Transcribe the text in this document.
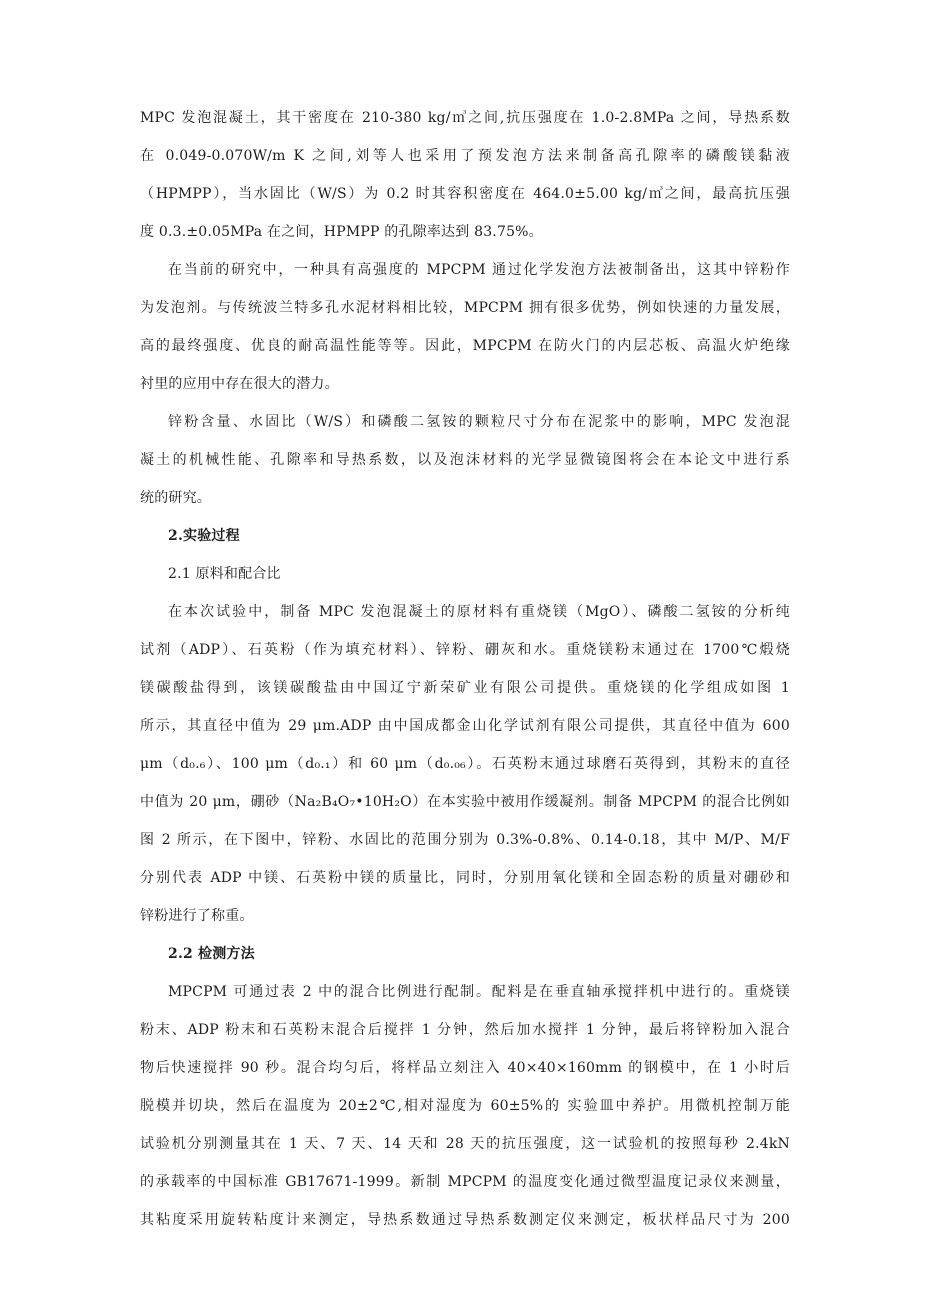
MPC 发泡混凝土，其干密度在 210-380 kg/㎥之间,抗压强度在 1.0-2.8MPa 之间，导热系数
在 0.049-0.070W/m K 之间,刘等人也采用了预发泡方法来制备高孔隙率的磷酸镁黏液
（HPMPP），当水固比（W/S）为 0.2 时其容积密度在 464.0±5.00 kg/㎥之间，最高抗压强
度 0.3.±0.05MPa 在之间，HPMPP 的孔隙率达到 83.75%。
在当前的研究中，一种具有高强度的 MPCPM 通过化学发泡方法被制备出，这其中锌粉作
为发泡剂。与传统波兰特多孔水泥材料相比较，MPCPM 拥有很多优势，例如快速的力量发展，
高的最终强度、优良的耐高温性能等等。因此，MPCPM 在防火门的内层芯板、高温火炉绝缘
衬里的应用中存在很大的潜力。
锌粉含量、水固比（W/S）和磷酸二氢铵的颗粒尺寸分布在泥浆中的影响，MPC 发泡混
凝土的机械性能、孔隙率和导热系数，以及泡沫材料的光学显微镜图将会在本论文中进行系
统的研究。
2.实验过程
2.1 原料和配合比
在本次试验中，制备 MPC 发泡混凝土的原材料有重烧镁（MgO）、磷酸二氢铵的分析纯
试剂（ADP）、石英粉（作为填充材料）、锌粉、硼灰和水。重烧镁粉末通过在 1700℃煅烧
镁碳酸盐得到，该镁碳酸盐由中国辽宁新荣矿业有限公司提供。重烧镁的化学组成如图 1
所示，其直径中值为 29 μm.ADP 由中国成都金山化学试剂有限公司提供，其直径中值为 600
μm（d₀.₆）、100 μm（d₀.₁）和 60 μm（d₀.₀₆）。石英粉末通过球磨石英得到，其粉末的直径
中值为 20 μm，硼砂（Na₂B₄O₇•10H₂O）在本实验中被用作缓凝剂。制备 MPCPM 的混合比例如
图 2 所示，在下图中，锌粉、水固比的范围分别为 0.3%-0.8%、0.14-0.18，其中 M/P、M/F
分别代表 ADP 中镁、石英粉中镁的质量比，同时，分别用氧化镁和全固态粉的质量对硼砂和
锌粉进行了称重。
2.2 检测方法
MPCPM 可通过表 2 中的混合比例进行配制。配料是在垂直轴承搅拌机中进行的。重烧镁
粉末、ADP 粉末和石英粉末混合后搅拌 1 分钟，然后加水搅拌 1 分钟，最后将锌粉加入混合
物后快速搅拌 90 秒。混合均匀后，将样品立刻注入 40×40×160mm 的钢模中，在 1 小时后
脱模并切块，然后在温度为 20±2℃,相对湿度为 60±5%的 实验皿中养护。用微机控制万能
试验机分别测量其在 1 天、7 天、14 天和 28 天的抗压强度，这一试验机的按照每秒 2.4kN
的承载率的中国标准 GB17671-1999。新制 MPCPM 的温度变化通过微型温度记录仪来测量，
其粘度采用旋转粘度计来测定，导热系数通过导热系数测定仪来测定，板状样品尺寸为 200
